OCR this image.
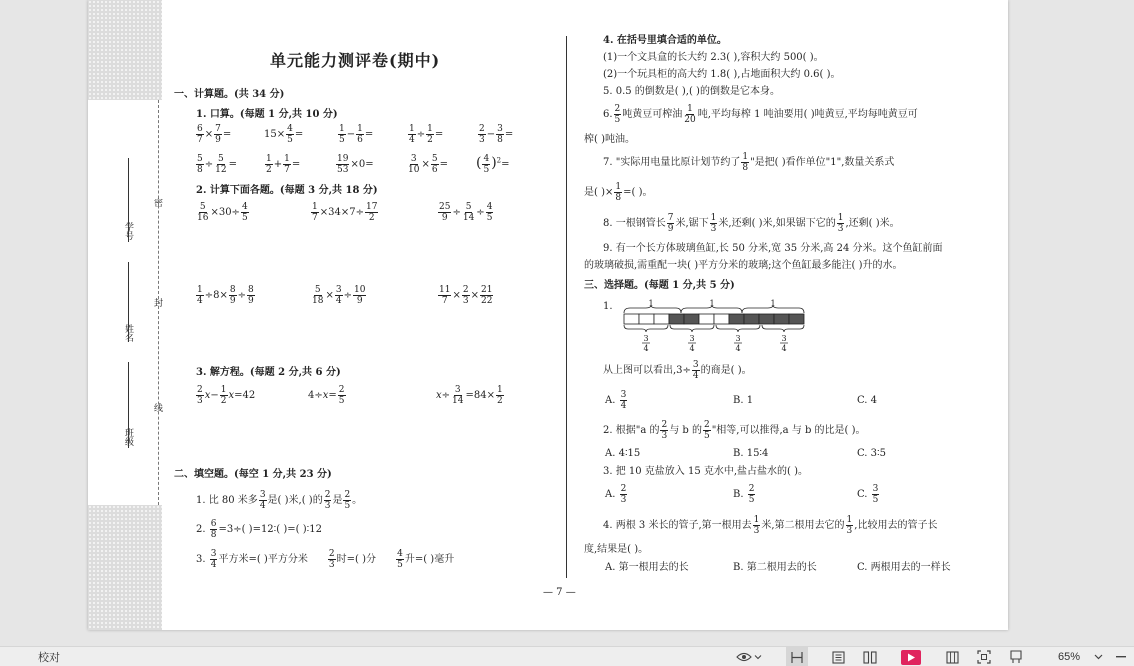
学号
姓名
班级
密
封
线
单元能力测评卷(期中)
一、计算题。(共 34 分)
1. 口算。(每题 1 分,共 10 分)
$\frac{6}{7} \times \frac{7}{9}$ =	$15\times \frac{4}{5}$ =	$\frac{1}{5} - \frac{1}{6}$ =	$\frac{1}{4} \div \frac{1}{2}$ =	$\frac{2}{3} - \frac{3}{8}$ =
$\frac{5}{8} \div \frac{5}{12}$ =	$\frac{1}{2} + \frac{1}{7}$ =	$\frac{19}{53} \times 0=$	$\frac{3}{10} \times \frac{5}{6}$ = ( $\frac{4}{5} )^2=$
2. 计算下面各题。(每题 3 分,共 18 分)
$\frac{5}{16} \times 30\div \frac{4}{5}$	$\frac{1}{7} \times 34\times 7\div \frac{17}{2}$	$\frac{25}{9} \div \frac{5}{14} \div \frac{4}{5}$
$\frac{1}{4} \div 8\times \frac{8}{9} \div \frac{8}{9}$	$\frac{5}{18} \times \frac{3}{4} \div \frac{10}{9}$	$\frac{11}{7} \times \frac{2}{3} \times \frac{21}{22}$
3. 解方程。(每题 2 分,共 6 分)
$\frac{2}{3} x- \frac{1}{2} x=42$	$4\div x= \frac{2}{5}$	$x\div \frac{3}{14} =84\times \frac{1}{2}$
二、填空题。(每空 1 分,共 23 分)
1. 比 80 米多 $\frac{3}{4}$ 是( )米,( )的 $\frac{2}{3}$ 是 $\frac{2}{5}$ 。
2. $\frac{6}{8} =3\div$( )=12∶( )=( )∶12
3. $\frac{3}{4}$ 平方米=( )平方分米 $\frac{2}{3}$ 时=( )分 $\frac{4}{5}$ 升=( )毫升
4. 在括号里填合适的单位。
(1)一个文具盒的长大约 2.3( ),容积大约 500( )。
(2)一个玩具柜的高大约 1.8( ),占地面积大约 0.6( )。
5. 0.5 的倒数是( ),( )的倒数是它本身。
6. $\frac{2}{5}$ 吨黄豆可榨油 $\frac{1}{20}$ 吨,平均每榨 1 吨油要用( )吨黄豆,平均每吨黄豆可
榨( )吨油。
7. "实际用电量比原计划节约了 $\frac{1}{8}$ "是把( )看作单位"1",数量关系式
是( )× $\frac{1}{8}$ =( )。
8. 一根钢管长 $\frac{7}{9}$ 米,锯下 $\frac{1}{3}$ 米,还剩( )米,如果锯下它的 $\frac{1}{3}$ ,还剩( )米。
9. 有一个长方体玻璃鱼缸,长 50 分米,宽 35 分米,高 24 分米。这个鱼缸前面
的玻璃破损,需重配一块( )平方分米的玻璃;这个鱼缸最多能注( )升的水。
三、选择题。(每题 1 分,共 5 分)
1.	1	1	1
3
4
3
4
3
4
3
4
从上图可以看出$,3\div \frac{3}{4}$ 的商是( )。
A. $\frac{3}{4}$	B. 1	C. 4
2. 根据"a 的 $\frac{2}{3}$ 与 b 的 $\frac{2}{5}$ "相等,可以推得,a 与 b 的比是( )。
A. 4∶15	B. 15∶4	C. 3∶5
3. 把 10 克盐放入 15 克水中,盐占盐水的( )。
A. $\frac{2}{3}$	B. $\frac{2}{5}$	C. $\frac{3}{5}$
4. 两根 3 米长的管子,第一根用去 $\frac{1}{3}$ 米,第二根用去它的 $\frac{1}{3}$ ,比较用去的管子长
度,结果是( )。
A. 第一根用去的长	B. 第二根用去的长	C. 两根用去的一样长
— 7 —
校对	65%
